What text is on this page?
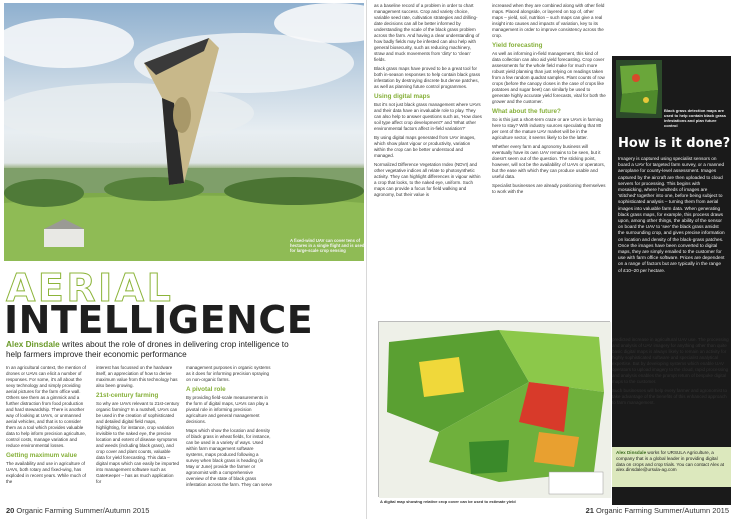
A fixed-wind UAV can cover tens of hectares in a single flight and is used for large-scale crop sensing
AERIAL
INTELLIGENCE
Alex Dinsdale writes about the role of drones in delivering crop intelligence to help farmers improve their economic performance

In an agricultural context, the mention of drones or UAVs can elicit a number of responses. For some, it's all about the sexy technology and simply providing aerial pictures for the farm office wall. Others see them as a gimmick and a further distraction from food production and hard stewardship. There is another way of looking at UAVs, or unmanned aerial vehicles, and that is to consider them as a tool which provides valuable data to help inform precision agriculture, control costs, manage variation and reduce environmental losses.

Getting maximum value

The availability and use in agriculture of UAVs, both rotary and fixed-wing, has exploded in recent years. While much of the

interest has focussed on the hardware itself, an appreciation of how to derive maximum value from this technology has also been growing.

21st-century farming

So why are UAVs relevant to 21st-century organic farming? In a nutshell, UAVs can be used in the creation of sophisticated and detailed digital field maps, highlighting, for instance, crop variation invisible to the naked eye, the precise location and extent of disease symptoms and weeds (including black grass), and crop cover and plant counts, valuable data for yield forecasting. This data – digital maps which can easily be imported into management software such as GateKeeper – has as much application for

management purposes in organic systems as it does for informing precision spraying on non-organic farms.

A pivotal role

By providing field-scale measurements in the form of digital maps, UAVs can play a pivotal role in informing precision agriculture and general management decisions.

Maps which show the location and density of black grass in wheat fields, for instance, can be used in a variety of ways. Used within farm management software systems, maps produced following a survey when black grass is heading (in May or June) provide the farmer or agronomist with a comprehensive overview of the state of black grass infestation across the farm. They can serve

20 Organic Farming Summer/Autumn 2015

as a baseline record of a problem in order to chart management success. Crop and variety choice, variable seed rate, cultivation strategies and drilling-date decisions can all be better informed by understanding the scale of the black grass problem across the farm. And having a clear understanding of how badly fields may be infested can also help with general biosecurity, such as reducing machinery, straw and muck movements from 'dirty' to 'clean' fields.

Black grass maps have proved to be a great tool for both in-season responses to help contain black grass infestation by destroying discrete but dense patches, as well as planning future control programmes.

Using digital maps

But it's not just black grass management where UAVs and their data have an invaluable role to play. They can also help to answer questions such as, 'How does soil type affect crop development?' and 'What other environmental factors affect in-field variation?'

By using digital maps generated from UAV images, which show plant vigour or productivity, variation within the crop can be better understood and managed.

Normalized Difference Vegetation Index (NDVI) and other vegetative indices all relate to photosynthetic activity. They can highlight differences in vigour within a crop that looks, to the naked eye, uniform. Such maps can provide a focus for field walking and agronomy, but their value is

increased when they are combined along with other field maps. Placed alongside, or layered on top of, other maps – yield, soil, nutrition – such maps can give a real insight into causes and impacts of variation, key to its management in order to improve consistency across the crop.

Yield forecasting

As well as informing in-field management, this kind of data collection can also aid yield forecasting. Crop cover assessments for the whole field make for much more robust yield planning than just relying on readings taken from a few random quadrat samples. Plant counts of row crops (before the canopy closes in the case of crops like potatoes and sugar beet) can similarly be used to generate highly accurate yield forecasts, vital for both the grower and the customer.

What about the future?

So is this just a short-term craze or are UAVs in farming here to stay? With industry sources speculating that 80 per cent of the mature UAV market will be in the agriculture sector, it seems likely to be the latter.

Whether every farm and agronomy business will eventually have its own UAV remains to be seen, but it doesn't seem out of the question. The sticking point, however, will not be the availability of UAVs or operators, but the ease with which they can produce usable and useful data.

Specialist businesses are already positioning themselves to work with the

A digital map showing relative crop cover can be used to estimate yield
Black grass detection maps are used to help contain black grass infestations and plan future control
How is it done?
Imagery is captured using specialist sensors on board a UAV for targeted farm survey, or a manned aeroplane for county-level assessment. Images captured by the aircraft are then uploaded to cloud servers for processing. This begins with mosaicking, where hundreds of images are 'stitched' together into one, before being subject to sophisticated analysis – turning them from aerial images into valuable farm data. When generating black grass maps, for example, this process draws upon, among other things, the ability of the sensor on board the UAV to 'see' the black grass amidst the surrounding crop, and gives precise information on location and density of the black-grass patches. Once the images have been converted to digital maps, they are simply emailed to the customer for use with farm office software. Prices are dependent on a range of factors but are typically in the range of £10–20 per hectare.

predicted increase in agricultural UAV use. The processing and analysis of UAV imagery for anything other than quite basic digital maps is always likely to remain an activity for highly sophisticated software and specialist analytical expertise. But by developing systems which enable UAV operators to upload imagery to the cloud, rapid processing and analysis enables the prompt return of bespoke digital maps to the customer.

Such businesses will help every farmer and agronomist to take advantage of the benefits of this enhanced approach to farm management.

Alex Dinsdale works for URSULA Agriculture, a company that is a global leader in providing digital data on crops and crop trials. You can contact Alex at alex.dinsdale@ursula-ag.com
21 Organic Farming Summer/Autumn 2015
